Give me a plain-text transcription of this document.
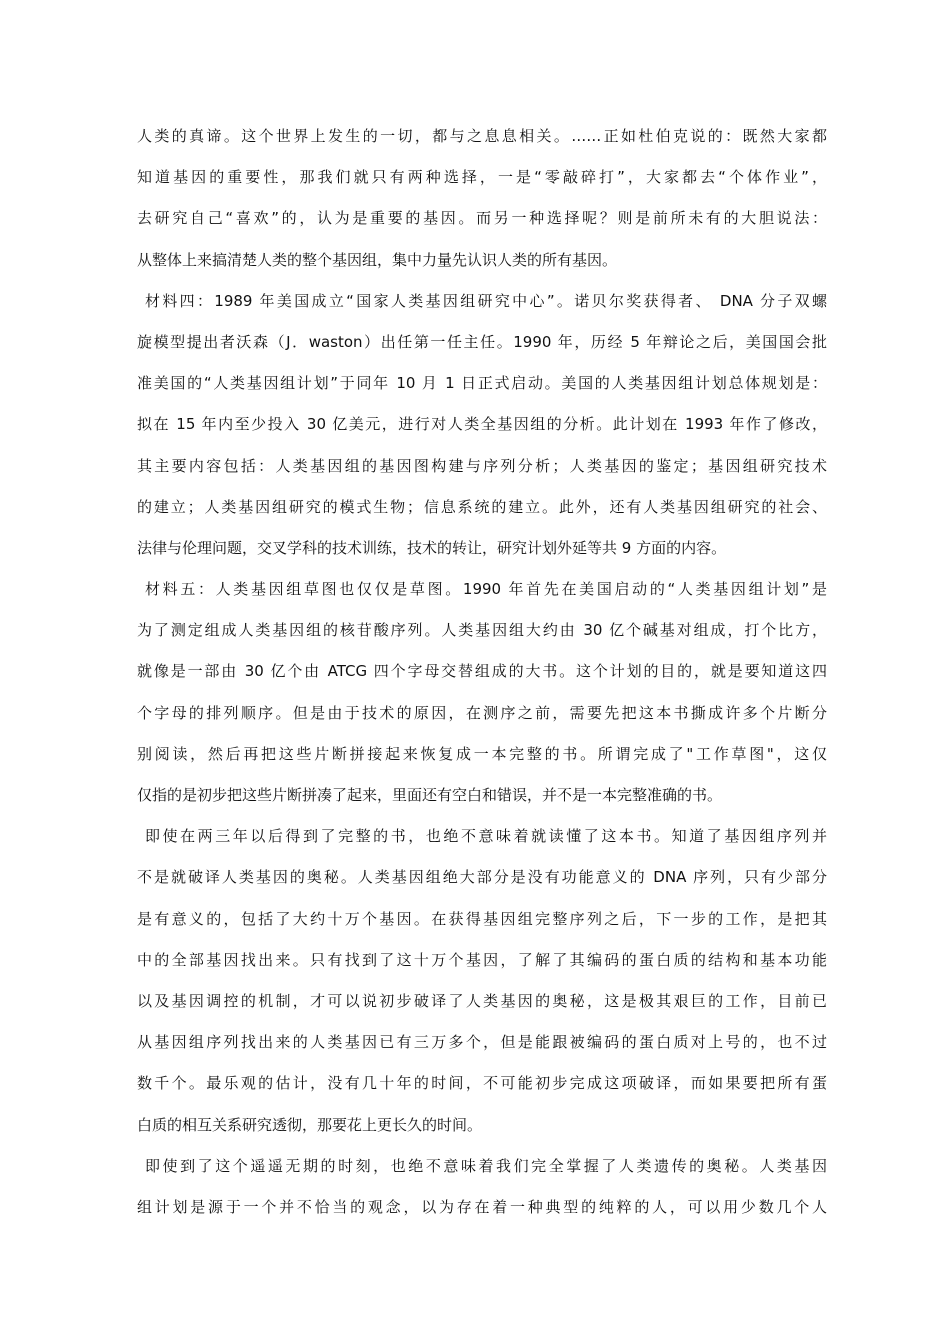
人类的真谛。这个世界上发生的一切，都与之息息相关。……正如杜伯克说的：既然大家都
知道基因的重要性，那我们就只有两种选择，一是“零敲碎打”，大家都去“个体作业”，
去研究自己“喜欢”的，认为是重要的基因。而另一种选择呢？则是前所未有的大胆说法：
从整体上来搞清楚人类的整个基因组，集中力量先认识人类的所有基因。
材料四：1989 年美国成立“国家人类基因组研究中心”。诺贝尔奖获得者、 DNA 分子双螺
旋模型提出者沃森（J．waston）出任第一任主任。1990 年，历经 5 年辩论之后，美国国会批
准美国的“人类基因组计划”于同年 10 月 1 日正式启动。美国的人类基因组计划总体规划是：
拟在 15 年内至少投入 30 亿美元，进行对人类全基因组的分析。此计划在 1993 年作了修改，
其主要内容包括：人类基因组的基因图构建与序列分析；人类基因的鉴定；基因组研究技术
的建立；人类基因组研究的模式生物；信息系统的建立。此外，还有人类基因组研究的社会、
法律与伦理问题，交叉学科的技术训练，技术的转让，研究计划外延等共 9 方面的内容。
材料五：人类基因组草图也仅仅是草图。1990 年首先在美国启动的“人类基因组计划”是
为了测定组成人类基因组的核苷酸序列。人类基因组大约由 30 亿个碱基对组成，打个比方，
就像是一部由 30 亿个由 ATCG 四个字母交替组成的大书。这个计划的目的，就是要知道这四
个字母的排列顺序。但是由于技术的原因，在测序之前，需要先把这本书撕成许多个片断分
别阅读，然后再把这些片断拼接起来恢复成一本完整的书。所谓完成了"工作草图"，这仅
仅指的是初步把这些片断拼凑了起来，里面还有空白和错误，并不是一本完整准确的书。
即使在两三年以后得到了完整的书，也绝不意味着就读懂了这本书。知道了基因组序列并
不是就破译人类基因的奥秘。人类基因组绝大部分是没有功能意义的 DNA 序列，只有少部分
是有意义的，包括了大约十万个基因。在获得基因组完整序列之后，下一步的工作，是把其
中的全部基因找出来。只有找到了这十万个基因，了解了其编码的蛋白质的结构和基本功能
以及基因调控的机制，才可以说初步破译了人类基因的奥秘，这是极其艰巨的工作，目前已
从基因组序列找出来的人类基因已有三万多个，但是能跟被编码的蛋白质对上号的，也不过
数千个。最乐观的估计，没有几十年的时间，不可能初步完成这项破译，而如果要把所有蛋
白质的相互关系研究透彻，那要花上更长久的时间。
即使到了这个遥遥无期的时刻，也绝不意味着我们完全掌握了人类遗传的奥秘。人类基因
组计划是源于一个并不恰当的观念，以为存在着一种典型的纯粹的人，可以用少数几个人
